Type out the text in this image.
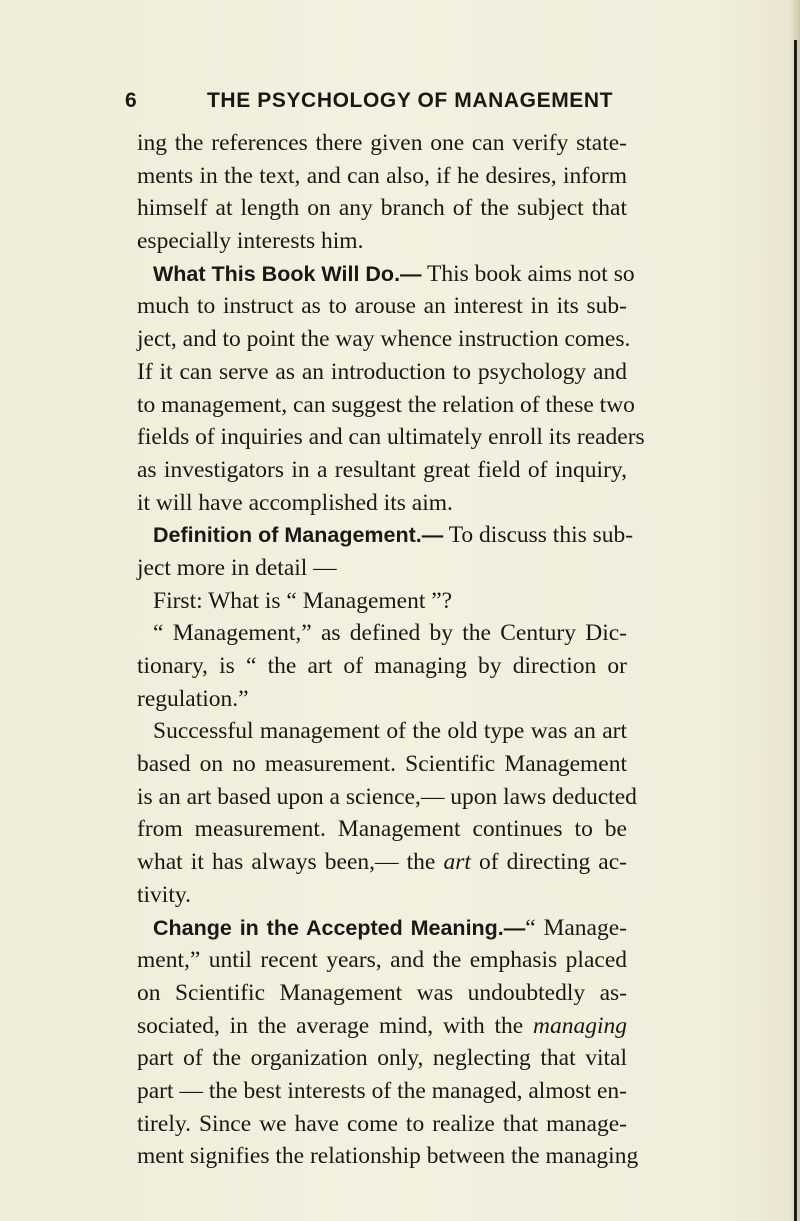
6	THE PSYCHOLOGY OF MANAGEMENT
ing the references there given one can verify state-
ments in the text, and can also, if he desires, inform
himself at length on any branch of the subject that
especially interests him.
What This Book Will Do.— This book aims not so
much to instruct as to arouse an interest in its sub-
ject, and to point the way whence instruction comes.
If it can serve as an introduction to psychology and
to management, can suggest the relation of these two
fields of inquiries and can ultimately enroll its readers
as investigators in a resultant great field of inquiry,
it will have accomplished its aim.
Definition of Management.— To discuss this sub-
ject more in detail —
First: What is “ Management ”?
“ Management,” as defined by the Century Dic-
tionary, is “ the art of managing by direction or
regulation.”
Successful management of the old type was an art
based on no measurement. Scientific Management
is an art based upon a science,— upon laws deducted
from measurement. Management continues to be
what it has always been,— the art of directing ac-
tivity.
Change in the Accepted Meaning.—“ Manage-
ment,” until recent years, and the emphasis placed
on Scientific Management was undoubtedly as-
sociated, in the average mind, with the managing
part of the organization only, neglecting that vital
part — the best interests of the managed, almost en-
tirely. Since we have come to realize that manage-
ment signifies the relationship between the managing
